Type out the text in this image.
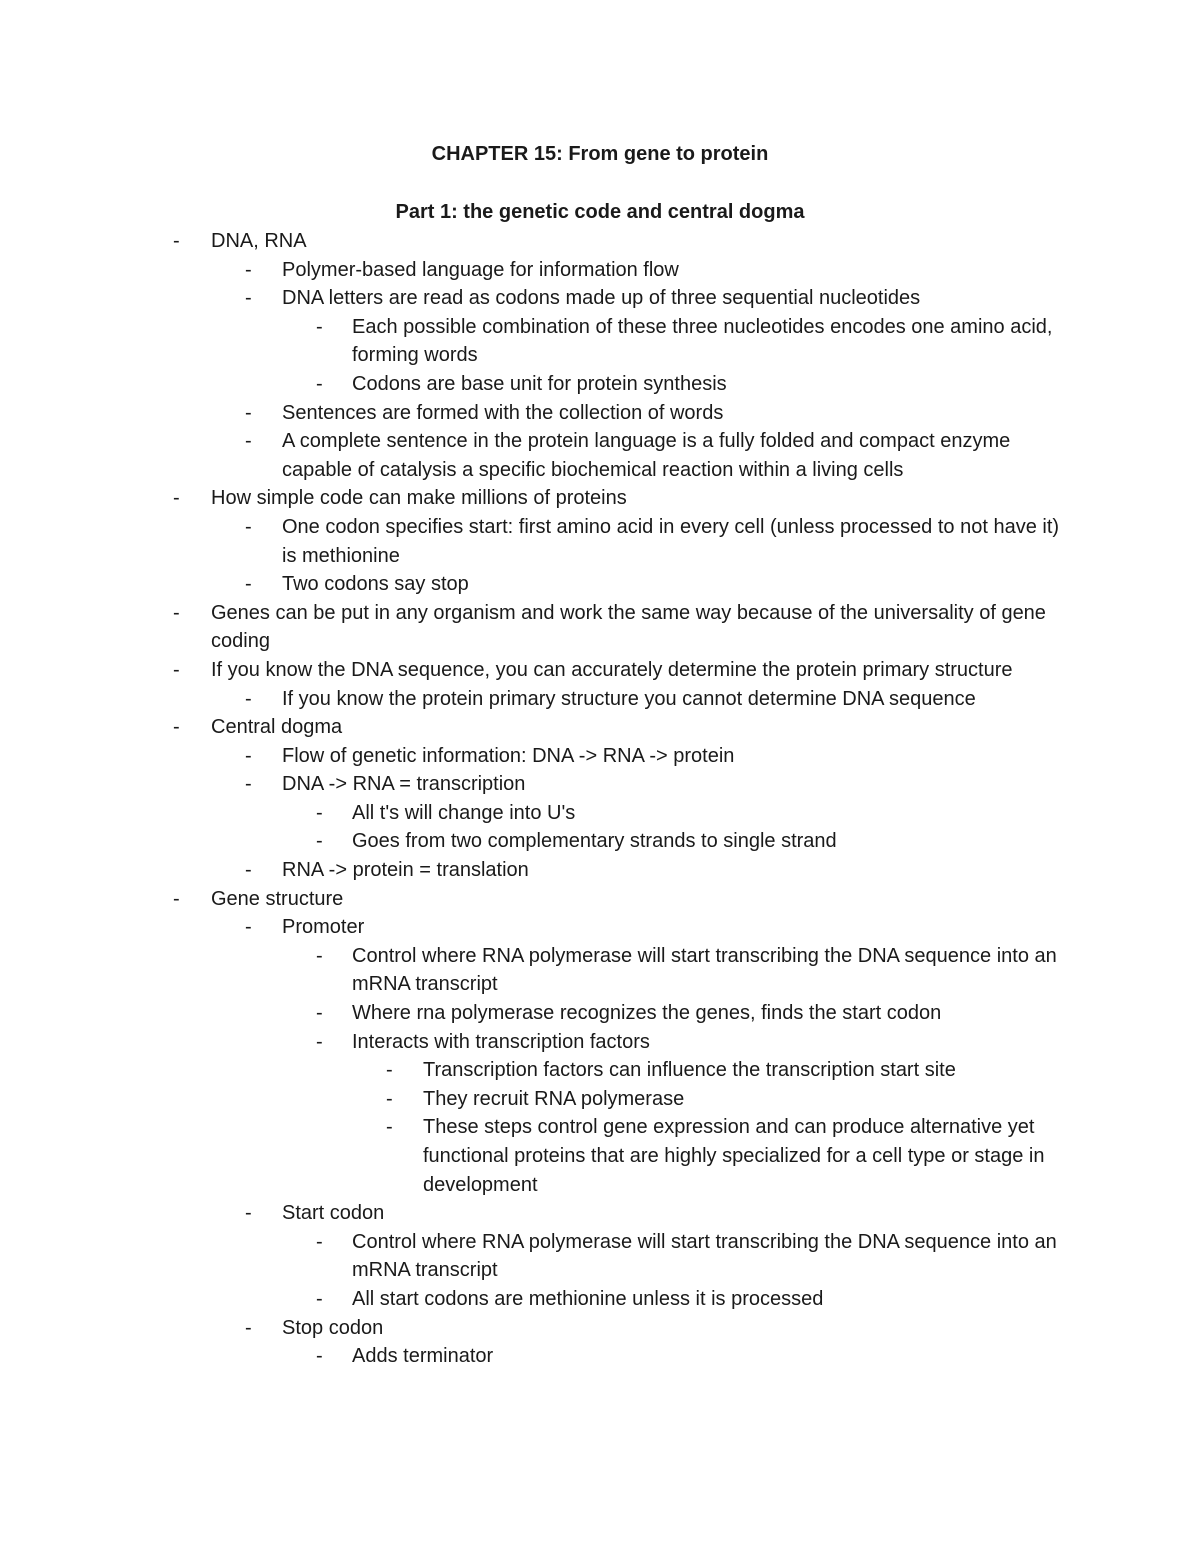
CHAPTER 15: From gene to protein
Part 1: the genetic code and central dogma
-	DNA, RNA
-	Polymer-based language for information flow
-	DNA letters are read as codons made up of three sequential nucleotides
-	Each possible combination of these three nucleotides encodes one amino acid, forming words
-	Codons are base unit for protein synthesis
-	Sentences are formed with the collection of words
-	A complete sentence in the protein language is a fully folded and compact enzyme capable of catalysis a specific biochemical reaction within a living cells
-	How simple code can make millions of proteins
-	One codon specifies start: first amino acid in every cell (unless processed to not have it) is methionine
-	Two codons say stop
-	Genes can be put in any organism and work the same way because of the universality of gene coding
-	If you know the DNA sequence, you can accurately determine the protein primary structure
-	If you know the protein primary structure you cannot determine DNA sequence
-	Central dogma
-	Flow of genetic information: DNA -> RNA -> protein
-	DNA -> RNA = transcription
-	All t's will change into U's
-	Goes from two complementary strands to single strand
-	RNA -> protein = translation
-	Gene structure
-	Promoter
-	Control where RNA polymerase will start transcribing the DNA sequence into an mRNA transcript
-	Where rna polymerase recognizes the genes, finds the start codon
-	Interacts with transcription factors
-	Transcription factors can influence the transcription start site
-	They recruit RNA polymerase
-	These steps control gene expression and can produce alternative yet functional proteins that are highly specialized for a cell type or stage in development
-	Start codon
-	Control where RNA polymerase will start transcribing the DNA sequence into an mRNA transcript
-	All start codons are methionine unless it is processed
-	Stop codon
-	Adds terminator
